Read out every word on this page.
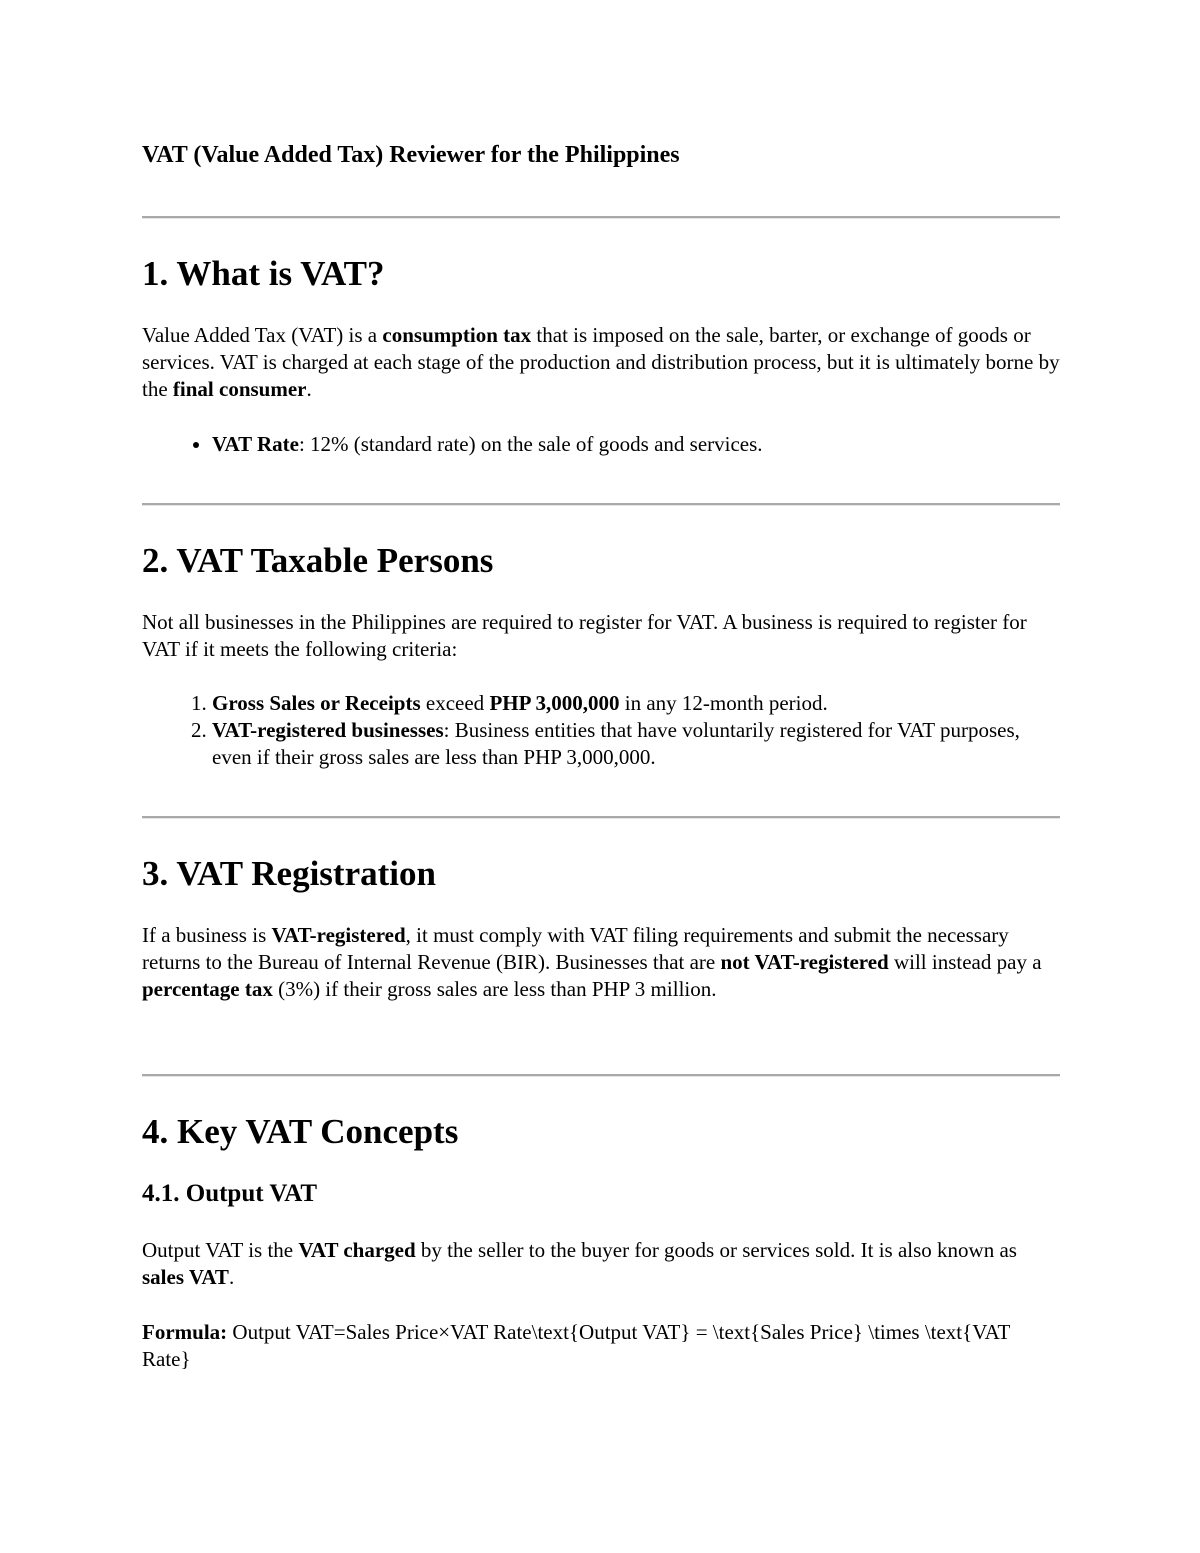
VAT (Value Added Tax) Reviewer for the Philippines
1. What is VAT?

Value Added Tax (VAT) is a consumption tax that is imposed on the sale, barter, or exchange of goods or services. VAT is charged at each stage of the production and distribution process, but it is ultimately borne by the final consumer.

• VAT Rate: 12% (standard rate) on the sale of goods and services.
2. VAT Taxable Persons

Not all businesses in the Philippines are required to register for VAT. A business is required to register for VAT if it meets the following criteria:

1. Gross Sales or Receipts exceed PHP 3,000,000 in any 12-month period.
2. VAT-registered businesses: Business entities that have voluntarily registered for VAT purposes, even if their gross sales are less than PHP 3,000,000.
3. VAT Registration

If a business is VAT-registered, it must comply with VAT filing requirements and submit the necessary returns to the Bureau of Internal Revenue (BIR). Businesses that are not VAT-registered will instead pay a percentage tax (3%) if their gross sales are less than PHP 3 million.

4. Key VAT Concepts
4.1. Output VAT

Output VAT is the VAT charged by the seller to the buyer for goods or services sold. It is also known as sales VAT.

Formula: Output VAT=Sales Price×VAT Rate\text{Output VAT} = \text{Sales Price} \times \text{VAT Rate}
